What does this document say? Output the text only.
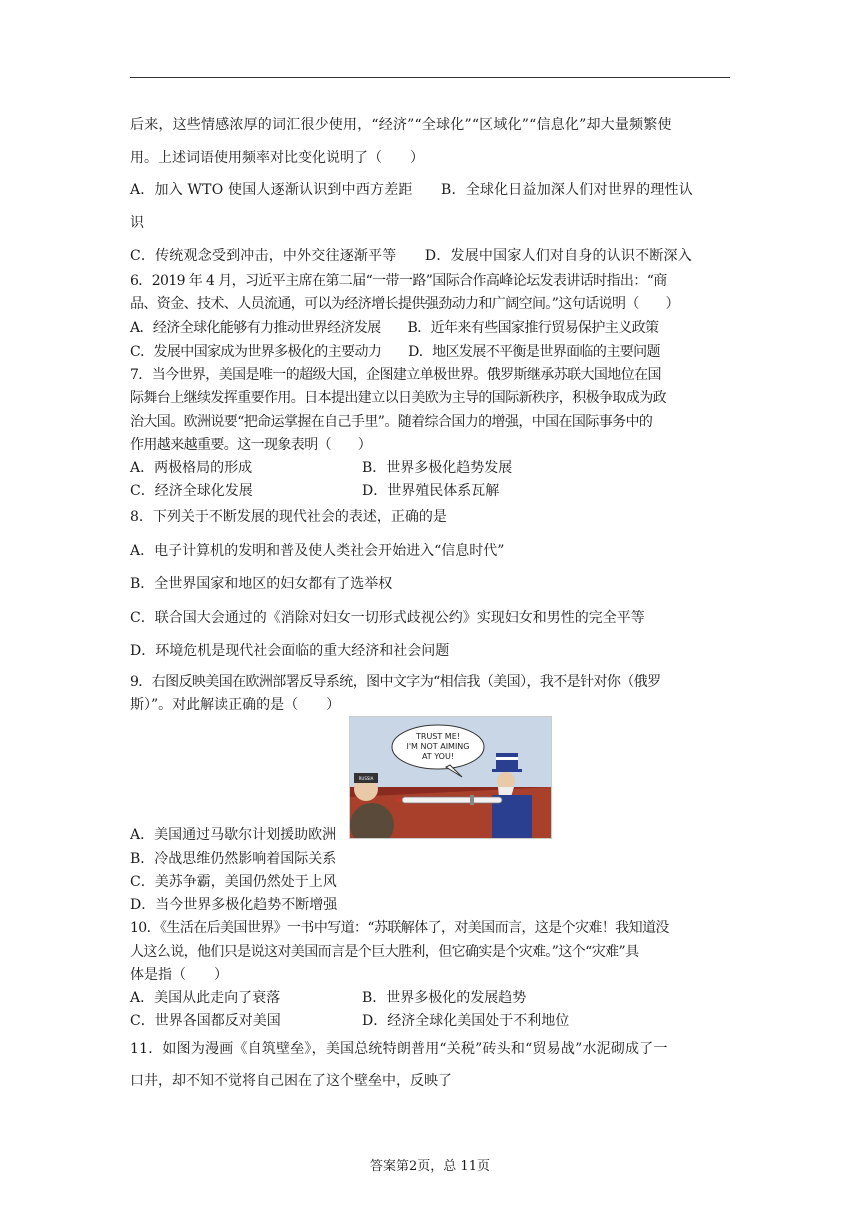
后来，这些情感浓厚的词汇很少使用，“经济”“全球化”“区域化”“信息化”却大量频繁使
用。上述词语使用频率对比变化说明了（　　）
A．加入 WTO 使国人逐渐认识到中西方差距　　B．全球化日益加深人们对世界的理性认
识
C．传统观念受到冲击，中外交往逐渐平等　　D．发展中国家人们对自身的认识不断深入
6．2019 年 4 月，习近平主席在第二届“一带一路”国际合作高峰论坛发表讲话时指出：“商
品、资金、技术、人员流通，可以为经济增长提供强劲动力和广阔空间。”这句话说明（　　）
A．经济全球化能够有力推动世界经济发展　　B．近年来有些国家推行贸易保护主义政策
C．发展中国家成为世界多极化的主要动力　　D．地区发展不平衡是世界面临的主要问题
7．当今世界，美国是唯一的超级大国，企图建立单极世界。俄罗斯继承苏联大国地位在国
际舞台上继续发挥重要作用。日本提出建立以日美欧为主导的国际新秩序，积极争取成为政
治大国。欧洲说要“把命运掌握在自己手里”。随着综合国力的增强，中国在国际事务中的
作用越来越重要。这一现象表明（　　）
A．两极格局的形成	B．世界多极化趋势发展
C．经济全球化发展	D．世界殖民体系瓦解
8．下列关于不断发展的现代社会的表述，正确的是
A．电子计算机的发明和普及使人类社会开始进入“信息时代”
B．全世界国家和地区的妇女都有了选举权
C．联合国大会通过的《消除对妇女一切形式歧视公约》实现妇女和男性的完全平等
D．环境危机是现代社会面临的重大经济和社会问题
9．右图反映美国在欧洲部署反导系统，图中文字为“相信我（美国），我不是针对你（俄罗
斯）”。对此解读正确的是（　　）
TRUST ME!
I'M NOT AIMING
AT YOU!
RUSSIA
A．美国通过马歇尔计划援助欧洲
B．冷战思维仍然影响着国际关系
C．美苏争霸，美国仍然处于上风
D．当今世界多极化趋势不断增强
10．《生活在后美国世界》一书中写道：“苏联解体了，对美国而言，这是个灾难！我知道没
人这么说，他们只是说这对美国而言是个巨大胜利，但它确实是个灾难。”这个“灾难”具
体是指（　　）
A．美国从此走向了衰落	B．世界多极化的发展趋势
C．世界各国都反对美国	D．经济全球化美国处于不利地位
11．如图为漫画《自筑壁垒》，美国总统特朗普用“关税”砖头和“贸易战”水泥砌成了一
口井，却不知不觉将自己困在了这个壁垒中，反映了
答案第2页，总 11页
